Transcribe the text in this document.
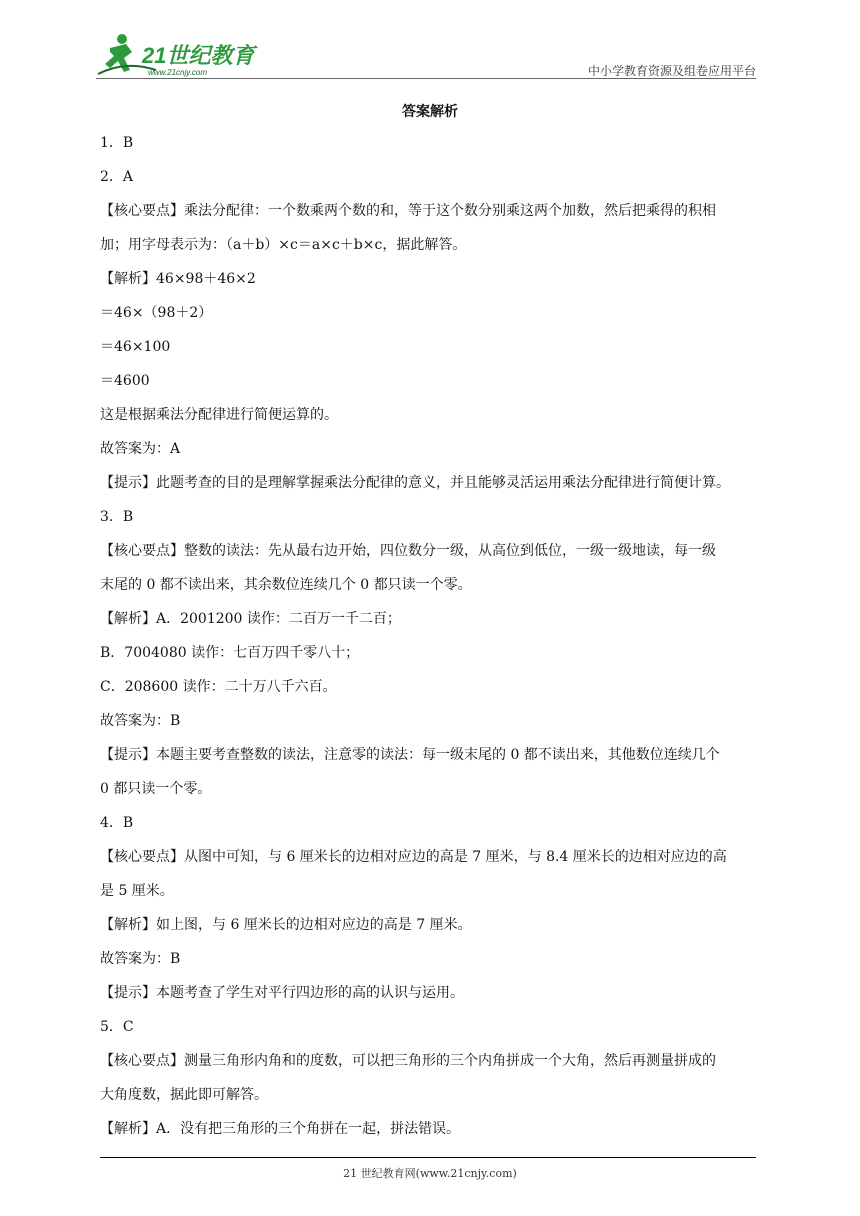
21世纪教育
www.21cnjy.com	中小学教育资源及组卷应用平台
答案解析
1．B
2．A
【核心要点】乘法分配律：一个数乘两个数的和，等于这个数分别乘这两个加数，然后把乘得的积相
加；用字母表示为：（a＋b）×c＝a×c＋b×c，据此解答。
【解析】46×98＋46×2
＝46×（98＋2）
＝46×100
＝4600
这是根据乘法分配律进行简便运算的。
故答案为：A
【提示】此题考查的目的是理解掌握乘法分配律的意义，并且能够灵活运用乘法分配律进行简便计算。
3．B
【核心要点】整数的读法：先从最右边开始，四位数分一级，从高位到低位，一级一级地读，每一级
末尾的 0 都不读出来，其余数位连续几个 0 都只读一个零。
【解析】A．2001200 读作：二百万一千二百；
B．7004080 读作：七百万四千零八十；
C．208600 读作：二十万八千六百。
故答案为：B
【提示】本题主要考查整数的读法，注意零的读法：每一级末尾的 0 都不读出来，其他数位连续几个
0 都只读一个零。
4．B
【核心要点】从图中可知，与 6 厘米长的边相对应边的高是 7 厘米，与 8.4 厘米长的边相对应边的高
是 5 厘米。
【解析】如上图，与 6 厘米长的边相对应边的高是 7 厘米。
故答案为：B
【提示】本题考查了学生对平行四边形的高的认识与运用。
5．C
【核心要点】测量三角形内角和的度数，可以把三角形的三个内角拼成一个大角，然后再测量拼成的
大角度数，据此即可解答。
【解析】A．没有把三角形的三个角拼在一起，拼法错误。
21 世纪教育网(www.21cnjy.com)
